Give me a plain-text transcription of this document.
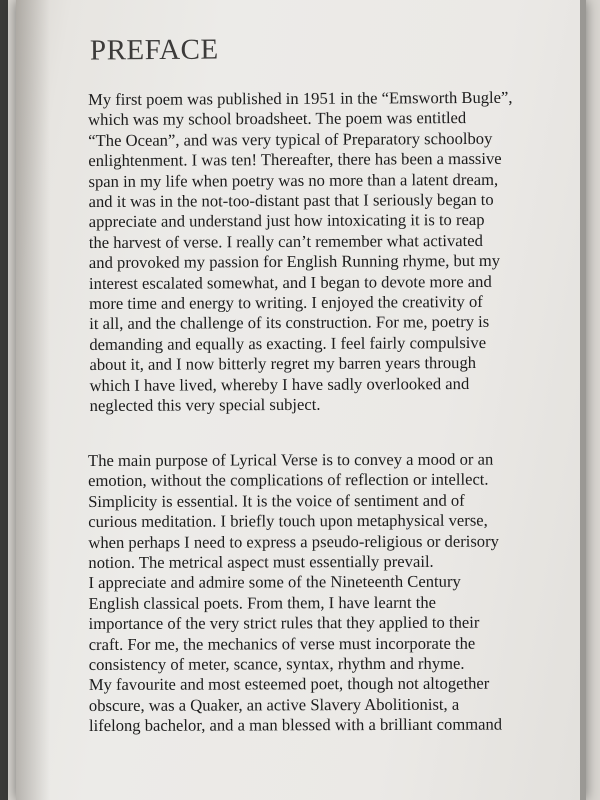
PREFACE
My first poem was published in 1951 in the “Emsworth Bugle”,
which was my school broadsheet. The poem was entitled
“The Ocean”, and was very typical of Preparatory schoolboy
enlightenment. I was ten! Thereafter, there has been a massive
span in my life when poetry was no more than a latent dream,
and it was in the not-too-distant past that I seriously began to
appreciate and understand just how intoxicating it is to reap
the harvest of verse. I really can’t remember what activated
and provoked my passion for English Running rhyme, but my
interest escalated somewhat, and I began to devote more and
more time and energy to writing. I enjoyed the creativity of
it all, and the challenge of its construction. For me, poetry is
demanding and equally as exacting. I feel fairly compulsive
about it, and I now bitterly regret my barren years through
which I have lived, whereby I have sadly overlooked and
neglected this very special subject.
The main purpose of Lyrical Verse is to convey a mood or an
emotion, without the complications of reflection or intellect.
Simplicity is essential. It is the voice of sentiment and of
curious meditation. I briefly touch upon metaphysical verse,
when perhaps I need to express a pseudo-religious or derisory
notion. The metrical aspect must essentially prevail.
I appreciate and admire some of the Nineteenth Century
English classical poets. From them, I have learnt the
importance of the very strict rules that they applied to their
craft. For me, the mechanics of verse must incorporate the
consistency of meter, scance, syntax, rhythm and rhyme.
My favourite and most esteemed poet, though not altogether
obscure, was a Quaker, an active Slavery Abolitionist, a
lifelong bachelor, and a man blessed with a brilliant command
